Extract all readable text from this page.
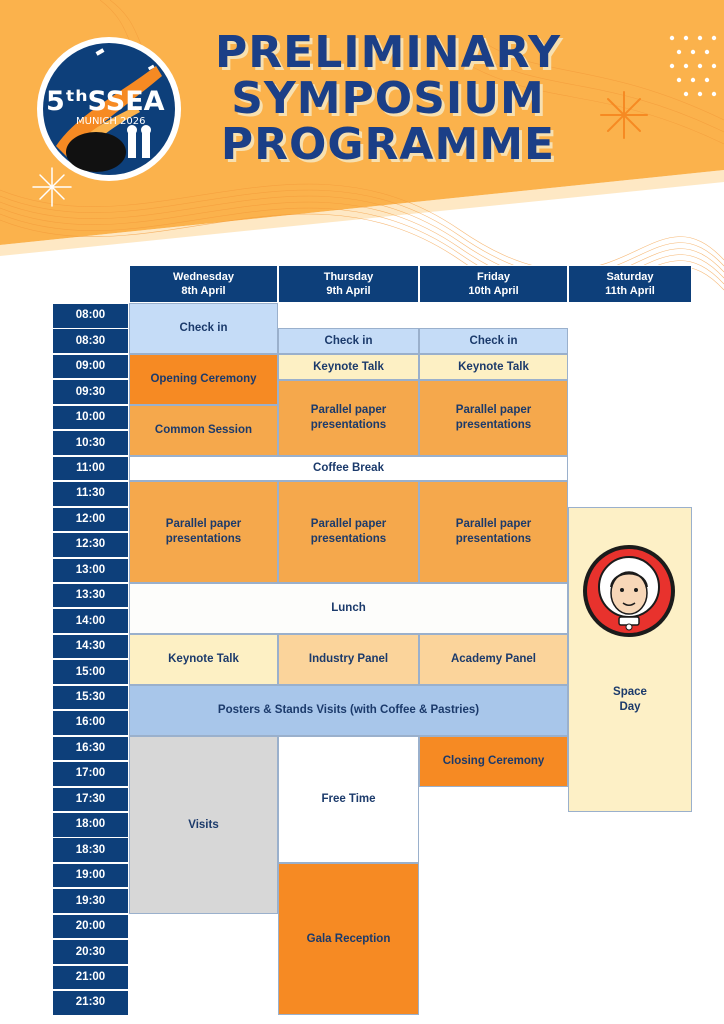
5ᵗʰSSEA
MUNICH 2026
PRELIMINARY
SYMPOSIUM
PROGRAMME
Wednesday
8th April
Thursday
9th April
Friday
10th April
Saturday
11th April
08:00
08:30
09:00
09:30
10:00
10:30
11:00
11:30
12:00
12:30
13:00
13:30
14:00
14:30
15:00
15:30
16:00
16:30
17:00
17:30
18:00
18:30
19:00
19:30
20:00
20:30
21:00
21:30
Check in
Opening Ceremony
Common Session
Parallel paper presentations
Keynote Talk
Visits
Check in
Keynote Talk
Parallel paper presentations
Parallel paper presentations
Industry Panel
Free Time
Gala Reception
Check in
Keynote Talk
Parallel paper presentations
Parallel paper presentations
Academy Panel
Closing Ceremony
Coffee Break
Lunch
Posters & Stands Visits (with Coffee & Pastries)
Space Day
